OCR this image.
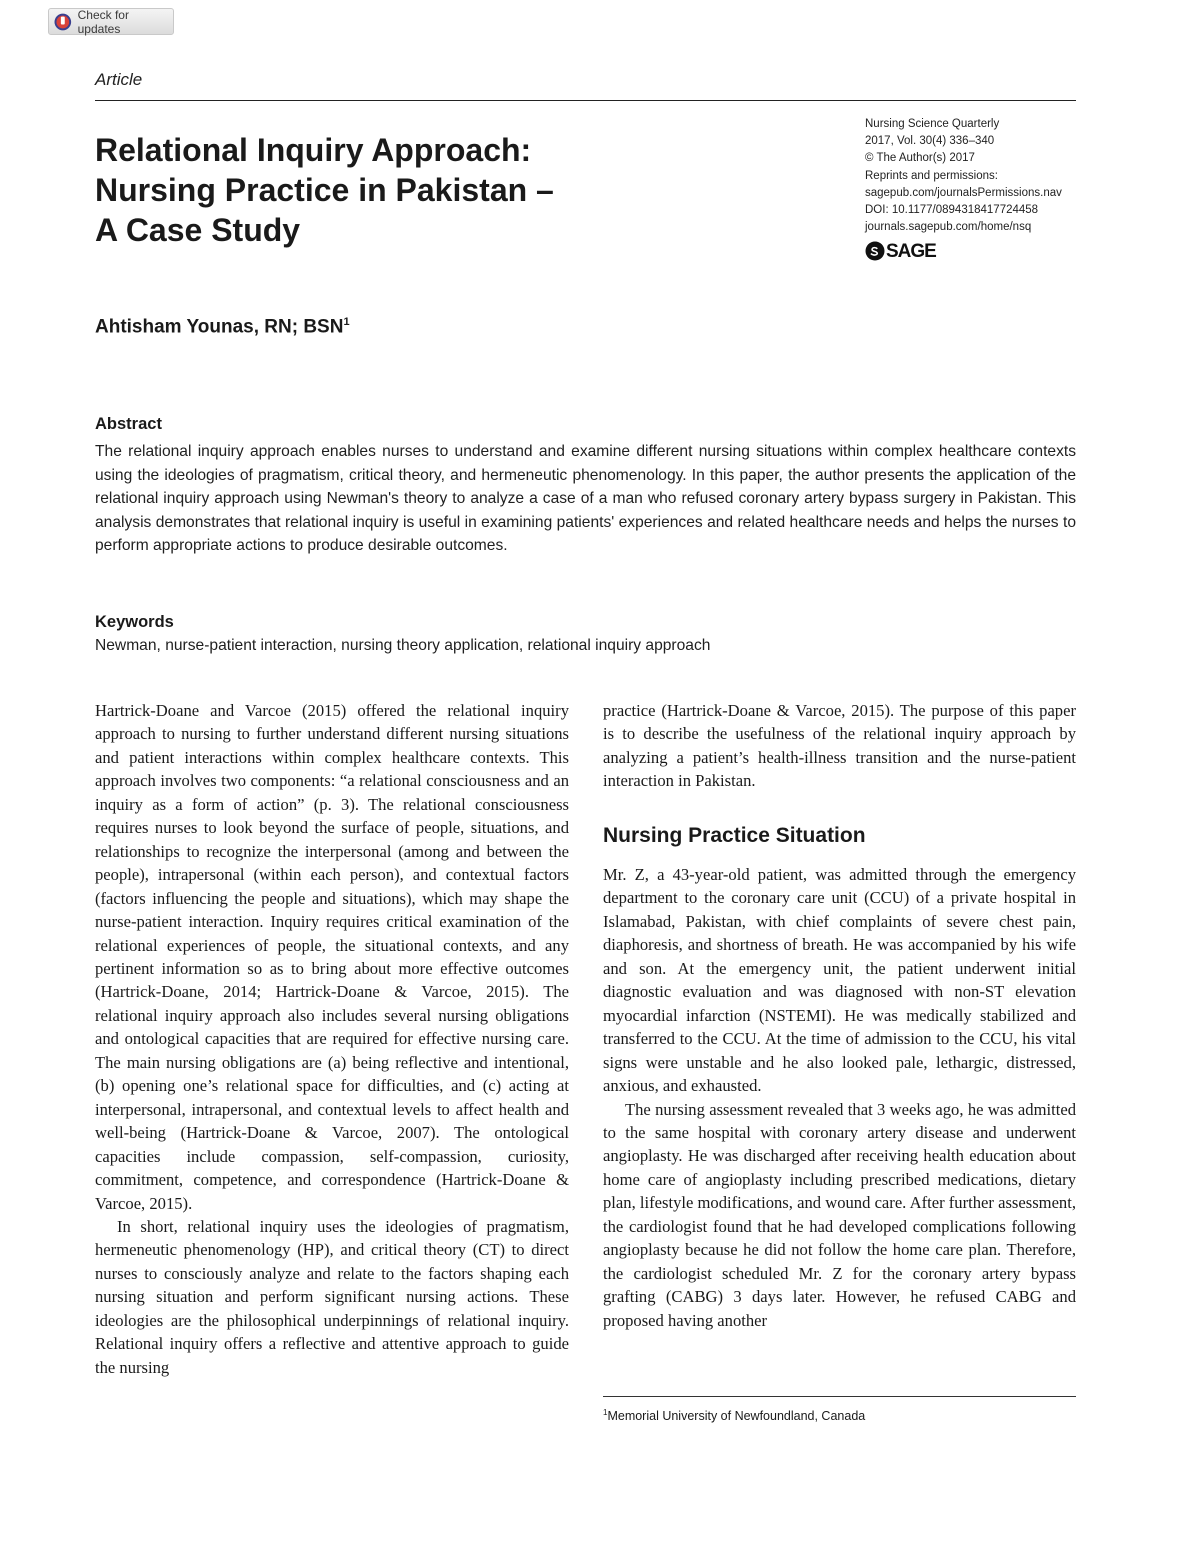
Check for updates
Article
Relational Inquiry Approach:
Nursing Practice in Pakistan –
A Case Study
Nursing Science Quarterly
2017, Vol. 30(4) 336–340
© The Author(s) 2017
Reprints and permissions:
sagepub.com/journalsPermissions.nav
DOI: 10.1177/0894318417724458
journals.sagepub.com/home/nsq
SAGE
Ahtisham Younas, RN; BSN$^1$
Abstract

The relational inquiry approach enables nurses to understand and examine different nursing situations within complex healthcare contexts using the ideologies of pragmatism, critical theory, and hermeneutic phenomenology. In this paper, the author presents the application of the relational inquiry approach using Newman's theory to analyze a case of a man who refused coronary artery bypass surgery in Pakistan. This analysis demonstrates that relational inquiry is useful in examining patients' experiences and related healthcare needs and helps the nurses to perform appropriate actions to produce desirable outcomes.

Keywords
Newman, nurse-patient interaction, nursing theory application, relational inquiry approach

Hartrick-Doane and Varcoe (2015) offered the relational inquiry approach to nursing to further understand different nursing situations and patient interactions within complex healthcare contexts. This approach involves two components: “a relational consciousness and an inquiry as a form of action” (p. 3). The relational consciousness requires nurses to look beyond the surface of people, situations, and relationships to recognize the interpersonal (among and between the people), intrapersonal (within each person), and contextual factors (factors influencing the people and situations), which may shape the nurse-patient interaction. Inquiry requires critical examination of the relational experiences of people, the situational contexts, and any pertinent information so as to bring about more effective outcomes (Hartrick-Doane, 2014; Hartrick-Doane & Varcoe, 2015). The relational inquiry approach also includes several nursing obligations and ontological capacities that are required for effective nursing care. The main nursing obligations are (a) being reflective and intentional, (b) opening one’s relational space for difficulties, and (c) acting at interpersonal, intrapersonal, and contextual levels to affect health and well-being (Hartrick-Doane & Varcoe, 2007). The ontological capacities include compassion, self-compassion, curiosity, commitment, competence, and correspondence (Hartrick-Doane & Varcoe, 2015).

In short, relational inquiry uses the ideologies of pragmatism, hermeneutic phenomenology (HP), and critical theory (CT) to direct nurses to consciously analyze and relate to the factors shaping each nursing situation and perform significant nursing actions. These ideologies are the philosophical underpinnings of relational inquiry. Relational inquiry offers a reflective and attentive approach to guide the nursing

practice (Hartrick-Doane & Varcoe, 2015). The purpose of this paper is to describe the usefulness of the relational inquiry approach by analyzing a patient’s health-illness transition and the nurse-patient interaction in Pakistan.

Nursing Practice Situation

Mr. Z, a 43-year-old patient, was admitted through the emergency department to the coronary care unit (CCU) of a private hospital in Islamabad, Pakistan, with chief complaints of severe chest pain, diaphoresis, and shortness of breath. He was accompanied by his wife and son. At the emergency unit, the patient underwent initial diagnostic evaluation and was diagnosed with non-ST elevation myocardial infarction (NSTEMI). He was medically stabilized and transferred to the CCU. At the time of admission to the CCU, his vital signs were unstable and he also looked pale, lethargic, distressed, anxious, and exhausted.

The nursing assessment revealed that 3 weeks ago, he was admitted to the same hospital with coronary artery disease and underwent angioplasty. He was discharged after receiving health education about home care of angioplasty including prescribed medications, dietary plan, lifestyle modifications, and wound care. After further assessment, the cardiologist found that he had developed complications following angioplasty because he did not follow the home care plan. Therefore, the cardiologist scheduled Mr. Z for the coronary artery bypass grafting (CABG) 3 days later. However, he refused CABG and proposed having another

$^1$Memorial University of Newfoundland, Canada
